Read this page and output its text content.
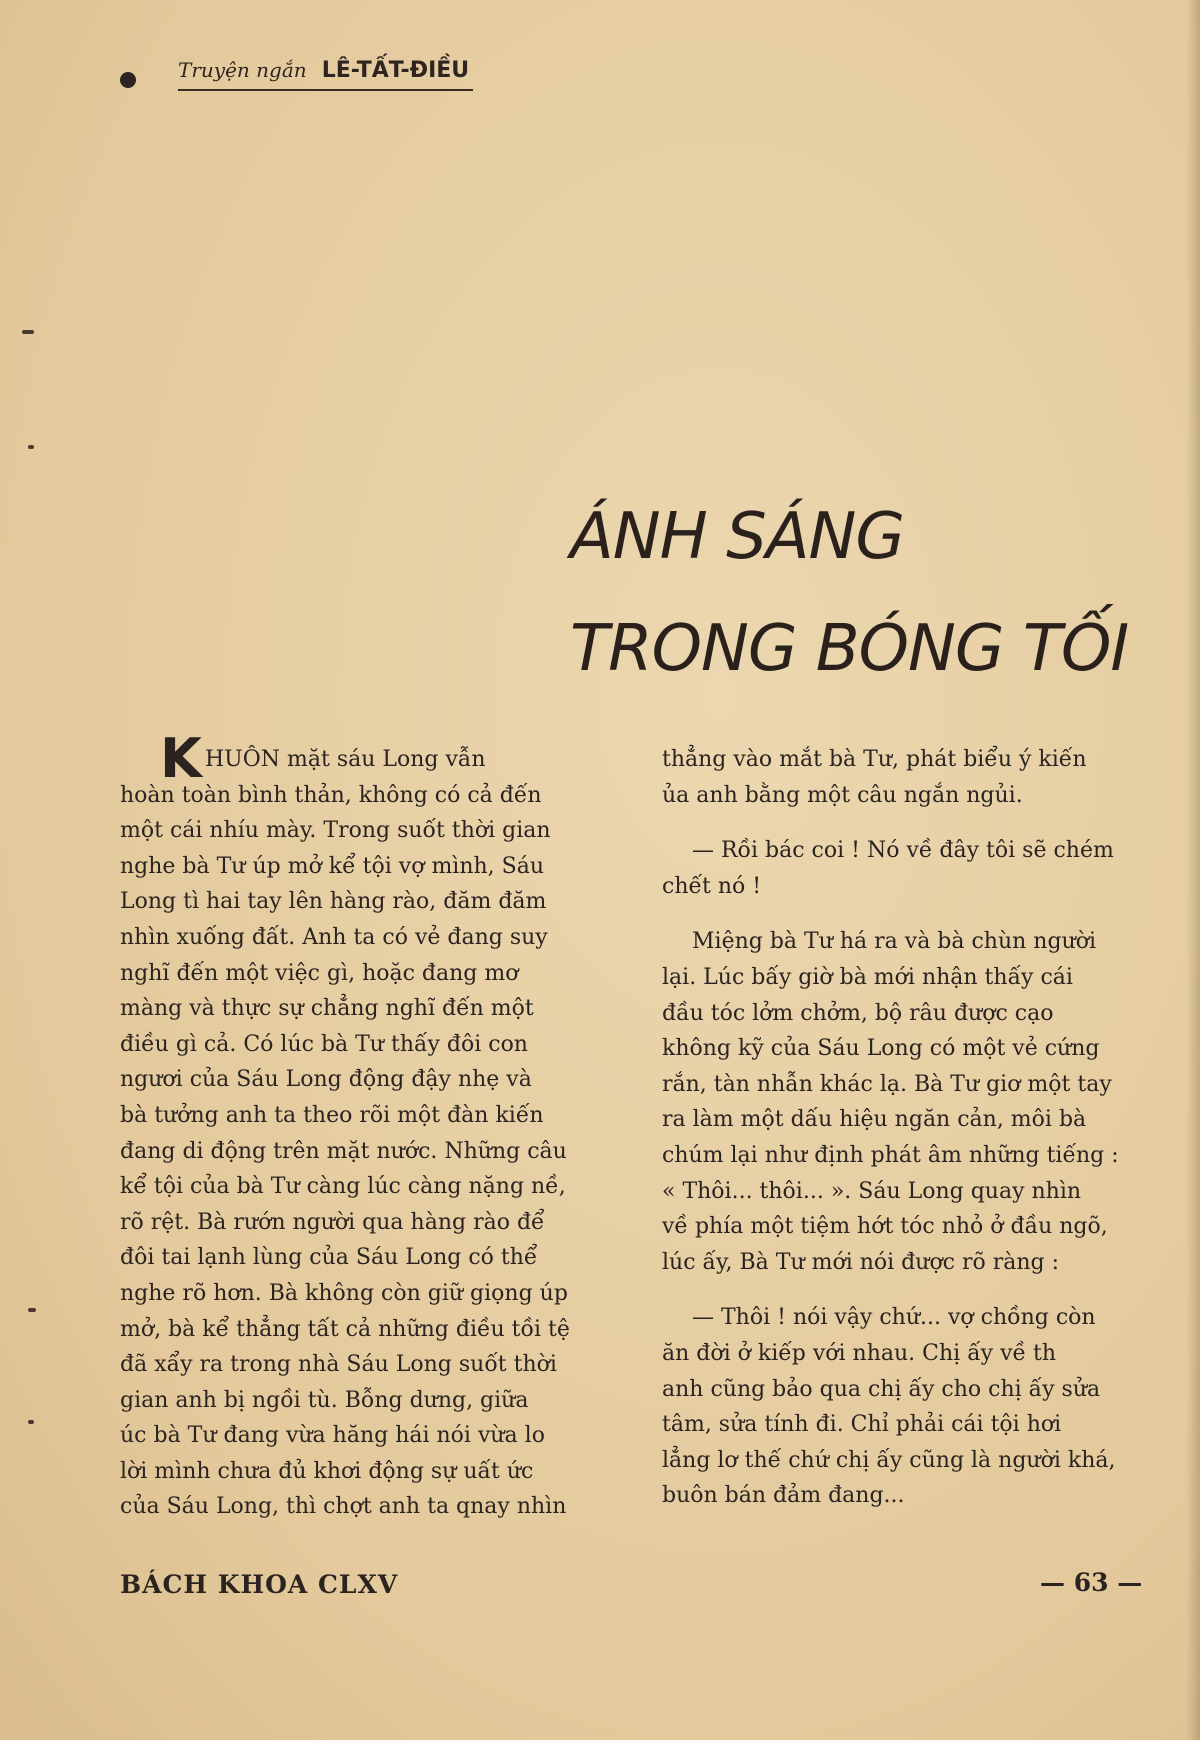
Truyện ngắn LÊ-TẤT-ĐIỀU
ÁNH SÁNG
TRONG BÓNG TỐI
K HUÔN mặt sáu Long vẫn
hoàn toàn bình thản, không có cả đến
một cái nhíu mày. Trong suốt thời gian
nghe bà Tư úp mở kể tội vợ mình, Sáu
Long tì hai tay lên hàng rào, đăm đăm
nhìn xuống đất. Anh ta có vẻ đang suy
nghĩ đến một việc gì, hoặc đang mơ
màng và thực sự chẳng nghĩ đến một
điều gì cả. Có lúc bà Tư thấy đôi con
ngươi của Sáu Long động đậy nhẹ và
bà tưởng anh ta theo rõi một đàn kiến
đang di động trên mặt nước. Những câu
kể tội của bà Tư càng lúc càng nặng nề,
rõ rệt. Bà rướn người qua hàng rào để
đôi tai lạnh lùng của Sáu Long có thể
nghe rõ hơn. Bà không còn giữ giọng úp
mở, bà kể thẳng tất cả những điều tồi tệ
đã xẩy ra trong nhà Sáu Long suốt thời
gian anh bị ngồi tù. Bỗng dưng, giữa
úc bà Tư đang vừa hăng hái nói vừa lo
lời mình chưa đủ khơi động sự uất ức
của Sáu Long, thì chợt anh ta qnay nhìn
thẳng vào mắt bà Tư, phát biểu ý kiến
ủa anh bằng một câu ngắn ngủi.
— Rồi bác coi ! Nó về đây tôi sẽ chém
chết nó !
Miệng bà Tư há ra và bà chùn người
lại. Lúc bấy giờ bà mới nhận thấy cái
đầu tóc lởm chởm, bộ râu được cạo
không kỹ của Sáu Long có một vẻ cứng
rắn, tàn nhẫn khác lạ. Bà Tư giơ một tay
ra làm một dấu hiệu ngăn cản, môi bà
chúm lại như định phát âm những tiếng :
« Thôi... thôi... ». Sáu Long quay nhìn
về phía một tiệm hớt tóc nhỏ ở đầu ngõ,
lúc ấy, Bà Tư mới nói được rõ ràng :
— Thôi ! nói vậy chứ... vợ chồng còn
ăn đời ở kiếp với nhau. Chị ấy về th
anh cũng bảo qua chị ấy cho chị ấy sửa
tâm, sửa tính đi. Chỉ phải cái tội hơi
lẳng lơ thế chứ chị ấy cũng là người khá,
buôn bán đảm đang...
BÁCH KHOA CLXV	— 63 —
